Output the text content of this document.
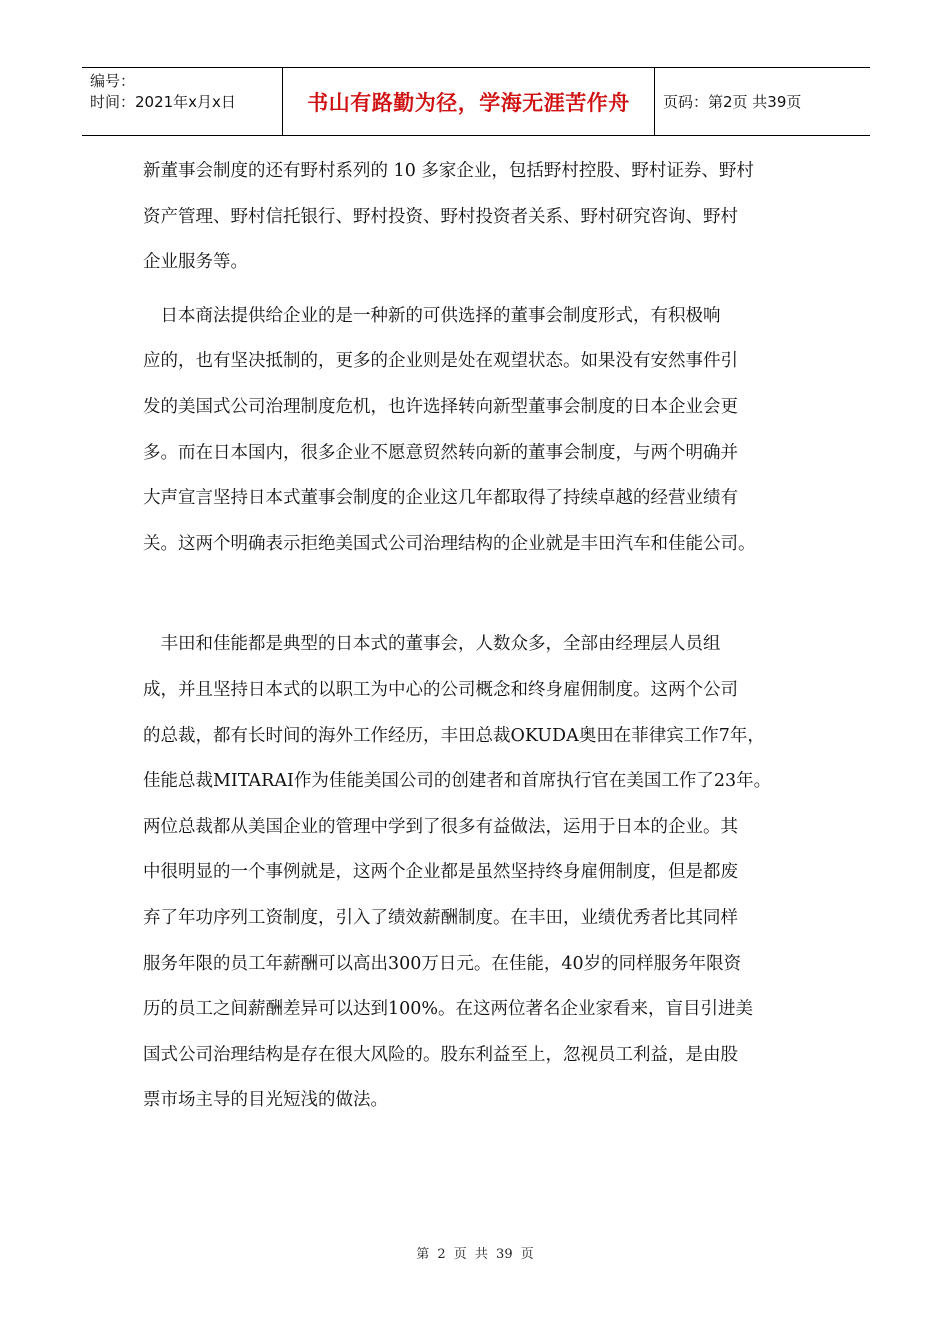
编号：
时间：2021年x月x日	书山有路勤为径，学海无涯苦作舟	页码：第2页 共39页
新董事会制度的还有野村系列的 10 多家企业，包括野村控股、野村证券、野村
资产管理、野村信托银行、野村投资、野村投资者关系、野村研究咨询、野村
企业服务等。
　日本商法提供给企业的是一种新的可供选择的董事会制度形式，有积极响
应的，也有坚决抵制的，更多的企业则是处在观望状态。如果没有安然事件引
发的美国式公司治理制度危机，也许选择转向新型董事会制度的日本企业会更
多。而在日本国内，很多企业不愿意贸然转向新的董事会制度，与两个明确并
大声宣言坚持日本式董事会制度的企业这几年都取得了持续卓越的经营业绩有
关。这两个明确表示拒绝美国式公司治理结构的企业就是丰田汽车和佳能公司。
　丰田和佳能都是典型的日本式的董事会，人数众多，全部由经理层人员组
成，并且坚持日本式的以职工为中心的公司概念和终身雇佣制度。这两个公司
的总裁，都有长时间的海外工作经历，丰田总裁OKUDA奥田在菲律宾工作7年，
佳能总裁MITARAI作为佳能美国公司的创建者和首席执行官在美国工作了23年。
两位总裁都从美国企业的管理中学到了很多有益做法，运用于日本的企业。其
中很明显的一个事例就是，这两个企业都是虽然坚持终身雇佣制度，但是都废
弃了年功序列工资制度，引入了绩效薪酬制度。在丰田，业绩优秀者比其同样
服务年限的员工年薪酬可以高出300万日元。在佳能，40岁的同样服务年限资
历的员工之间薪酬差异可以达到100%。在这两位著名企业家看来，盲目引进美
国式公司治理结构是存在很大风险的。股东利益至上，忽视员工利益，是由股
票市场主导的目光短浅的做法。
第 2 页 共 39 页
